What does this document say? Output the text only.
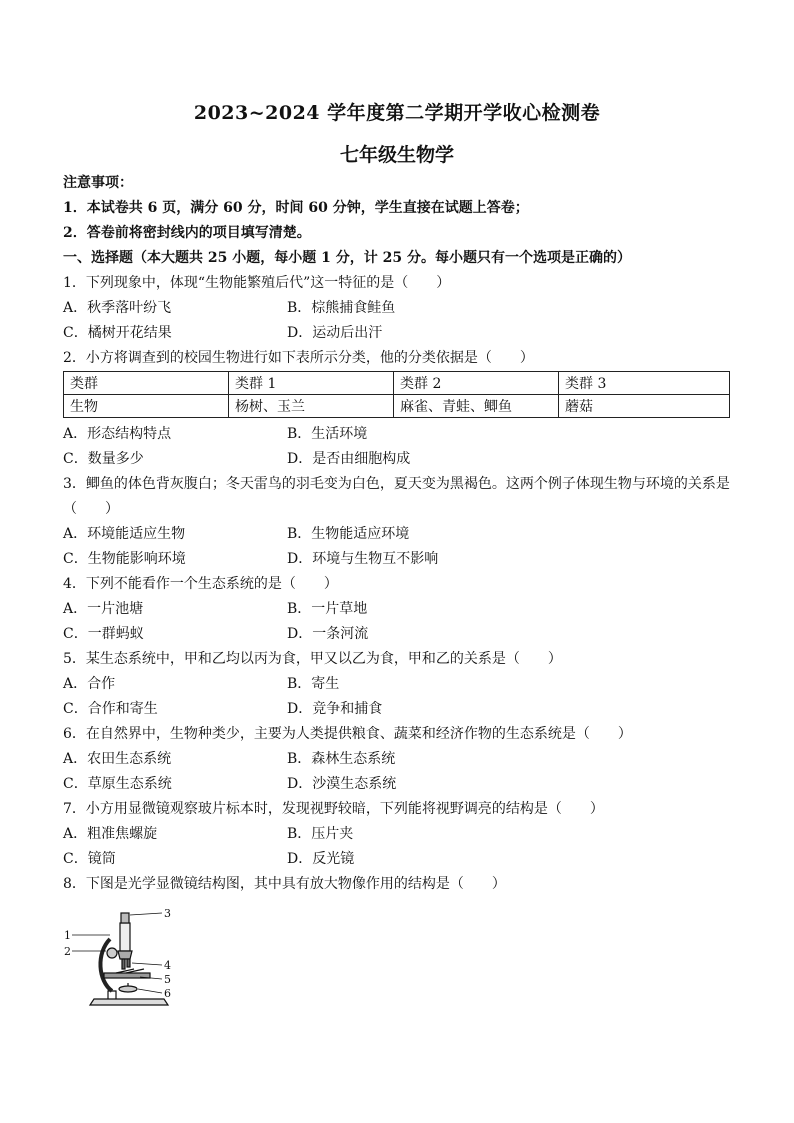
2023~2024 学年度第二学期开学收心检测卷
七年级生物学
注意事项：
1．本试卷共 6 页，满分 60 分，时间 60 分钟，学生直接在试题上答卷；
2．答卷前将密封线内的项目填写清楚。
一、选择题（本大题共 25 小题，每小题 1 分，计 25 分。每小题只有一个选项是正确的）
1．下列现象中，体现“生物能繁殖后代”这一特征的是（　　）
A．秋季落叶纷飞	B．棕熊捕食鲑鱼
C．橘树开花结果	D．运动后出汗
2．小方将调查到的校园生物进行如下表所示分类，他的分类依据是（　　）
类群	类群 1	类群 2	类群 3
生物	杨树、玉兰	麻雀、青蛙、鲫鱼	蘑菇
A．形态结构特点	B．生活环境
C．数量多少	D．是否由细胞构成
3．鲫鱼的体色背灰腹白；冬天雷鸟的羽毛变为白色，夏天变为黑褐色。这两个例子体现生物与环境的关系是
（　　）
A．环境能适应生物	B．生物能适应环境
C．生物能影响环境	D．环境与生物互不影响
4．下列不能看作一个生态系统的是（　　）
A．一片池塘	B．一片草地
C．一群蚂蚁	D．一条河流
5．某生态系统中，甲和乙均以丙为食，甲又以乙为食，甲和乙的关系是（　　）
A．合作	B．寄生
C．合作和寄生	D．竞争和捕食
6．在自然界中，生物种类少，主要为人类提供粮食、蔬菜和经济作物的生态系统是（　　）
A．农田生态系统	B．森林生态系统
C．草原生态系统	D．沙漠生态系统
7．小方用显微镜观察玻片标本时，发现视野较暗，下列能将视野调亮的结构是（　　）
A．粗准焦螺旋	B．压片夹
C．镜筒	D．反光镜
8．下图是光学显微镜结构图，其中具有放大物像作用的结构是（　　）
1
2
3
4
5
6
